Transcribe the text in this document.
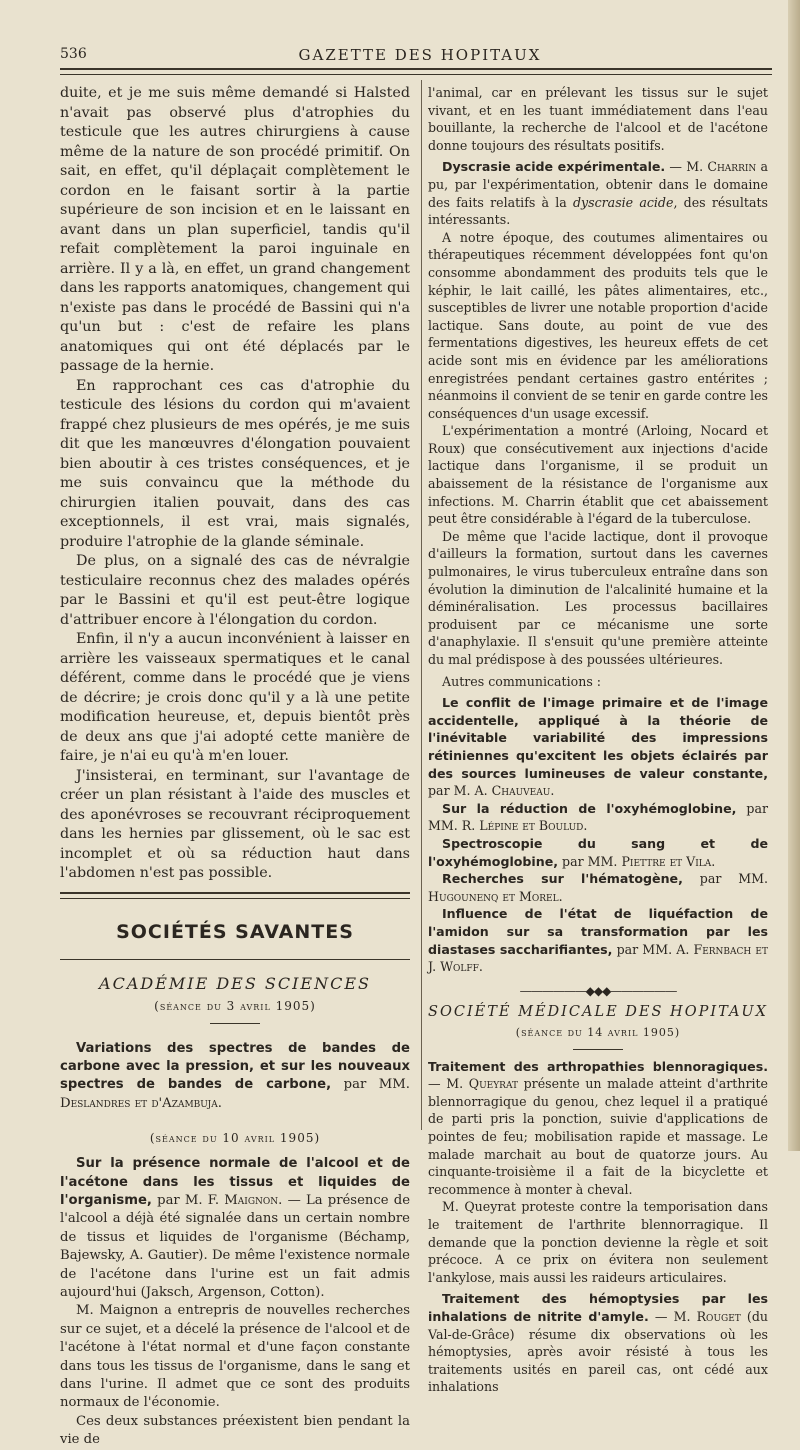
536	GAZETTE DES HOPITAUX

duite, et je me suis même demandé si Halsted n'avait pas observé plus d'atrophies du testicule que les autres chirurgiens à cause même de la nature de son procédé primitif. On sait, en effet, qu'il déplaçait complètement le cordon en le faisant sortir à la partie supérieure de son incision et en le laissant en avant dans un plan superficiel, tandis qu'il refait complètement la paroi inguinale en arrière. Il y a là, en effet, un grand changement dans les rapports anatomiques, changement qui n'existe pas dans le procédé de Bassini qui n'a qu'un but : c'est de refaire les plans anatomiques qui ont été déplacés par le passage de la hernie.

En rapprochant ces cas d'atrophie du testicule des lésions du cordon qui m'avaient frappé chez plusieurs de mes opérés, je me suis dit que les manœuvres d'élongation pouvaient bien aboutir à ces tristes conséquences, et je me suis convaincu que la méthode du chirurgien italien pouvait, dans des cas exceptionnels, il est vrai, mais signalés, produire l'atrophie de la glande séminale.

De plus, on a signalé des cas de névralgie testiculaire reconnus chez des malades opérés par le Bassini et qu'il est peut-être logique d'attribuer encore à l'élongation du cordon.

Enfin, il n'y a aucun inconvénient à laisser en arrière les vaisseaux spermatiques et le canal déférent, comme dans le procédé que je viens de décrire; je crois donc qu'il y a là une petite modification heureuse, et, depuis bientôt près de deux ans que j'ai adopté cette manière de faire, je n'ai eu qu'à m'en louer.

J'insisterai, en terminant, sur l'avantage de créer un plan résistant à l'aide des muscles et des aponévroses se recouvrant réciproquement dans les hernies par glissement, où le sac est incomplet et où sa réduction haut dans l'abdomen n'est pas possible.

SOCIÉTÉS SAVANTES
ACADÉMIE DES SCIENCES
(séance du 3 avril 1905)

Variations des spectres de bandes de carbone avec la pression, et sur les nouveaux spectres de bandes de carbone, par MM. Deslandres et d'Azambuja.

(séance du 10 avril 1905)

Sur la présence normale de l'alcool et de l'acétone dans les tissus et liquides de l'organisme, par M. F. Maignon. — La présence de l'alcool a déjà été signalée dans un certain nombre de tissus et liquides de l'organisme (Béchamp, Bajewsky, A. Gautier). De même l'existence normale de l'acétone dans l'urine est un fait admis aujourd'hui (Jaksch, Argenson, Cotton).

M. Maignon a entrepris de nouvelles recherches sur ce sujet, et a décelé la présence de l'alcool et de l'acétone à l'état normal et d'une façon constante dans tous les tissus de l'organisme, dans le sang et dans l'urine. Il admet que ce sont des produits normaux de l'économie.

Ces deux substances préexistent bien pendant la vie de

l'animal, car en prélevant les tissus sur le sujet vivant, et en les tuant immédiatement dans l'eau bouillante, la recherche de l'alcool et de l'acétone donne toujours des résultats positifs.

Dyscrasie acide expérimentale. — M. Charrin a pu, par l'expérimentation, obtenir dans le domaine des faits relatifs à la dyscrasie acide, des résultats intéressants.

A notre époque, des coutumes alimentaires ou thérapeutiques récemment développées font qu'on consomme abondamment des produits tels que le képhir, le lait caillé, les pâtes alimentaires, etc., susceptibles de livrer une notable proportion d'acide lactique. Sans doute, au point de vue des fermentations digestives, les heureux effets de cet acide sont mis en évidence par les améliorations enregistrées pendant certaines gastro entérites ; néanmoins il convient de se tenir en garde contre les conséquences d'un usage excessif.

L'expérimentation a montré (Arloing, Nocard et Roux) que consécutivement aux injections d'acide lactique dans l'organisme, il se produit un abaissement de la résistance de l'organisme aux infections. M. Charrin établit que cet abaissement peut être considérable à l'égard de la tuberculose.

De même que l'acide lactique, dont il provoque d'ailleurs la formation, surtout dans les cavernes pulmonaires, le virus tuberculeux entraîne dans son évolution la diminution de l'alcalinité humaine et la déminéralisation. Les processus bacillaires produisent par ce mécanisme une sorte d'anaphylaxie. Il s'ensuit qu'une première atteinte du mal prédispose à des poussées ultérieures.

Autres communications :

Le conflit de l'image primaire et de l'image accidentelle, appliqué à la théorie de l'inévitable variabilité des impressions rétiniennes qu'excitent les objets éclairés par des sources lumineuses de valeur constante, par M. A. Chauveau.

Sur la réduction de l'oxyhémoglobine, par MM. R. Lépine et Boulud.

Spectroscopie du sang et de l'oxyhémoglobine, par MM. Piettre et Vila.

Recherches sur l'hématogène, par MM. Hugounenq et Morel.

Influence de l'état de liquéfaction de l'amidon sur sa transformation par les diastases saccharifiantes, par MM. A. Fernbach et J. Wolff.

——————◆◆◆——————
SOCIÉTÉ MÉDICALE DES HOPITAUX
(séance du 14 avril 1905)

Traitement des arthropathies blennoragiques. — M. Queyrat présente un malade atteint d'arthrite blennorragique du genou, chez lequel il a pratiqué de parti pris la ponction, suivie d'applications de pointes de feu; mobilisation rapide et massage. Le malade marchait au bout de quatorze jours. Au cinquante-troisième il a fait de la bicyclette et recommence à monter à cheval.

M. Queyrat proteste contre la temporisation dans le traitement de l'arthrite blennorragique. Il demande que la ponction devienne la règle et soit précoce. A ce prix on évitera non seulement l'ankylose, mais aussi les raideurs articulaires.

Traitement des hémoptysies par les inhalations de nitrite d'amyle. — M. Rouget (du Val-de-Grâce) résume dix observations où les hémoptysies, après avoir résisté à tous les traitements usités en pareil cas, ont cédé aux inhalations
